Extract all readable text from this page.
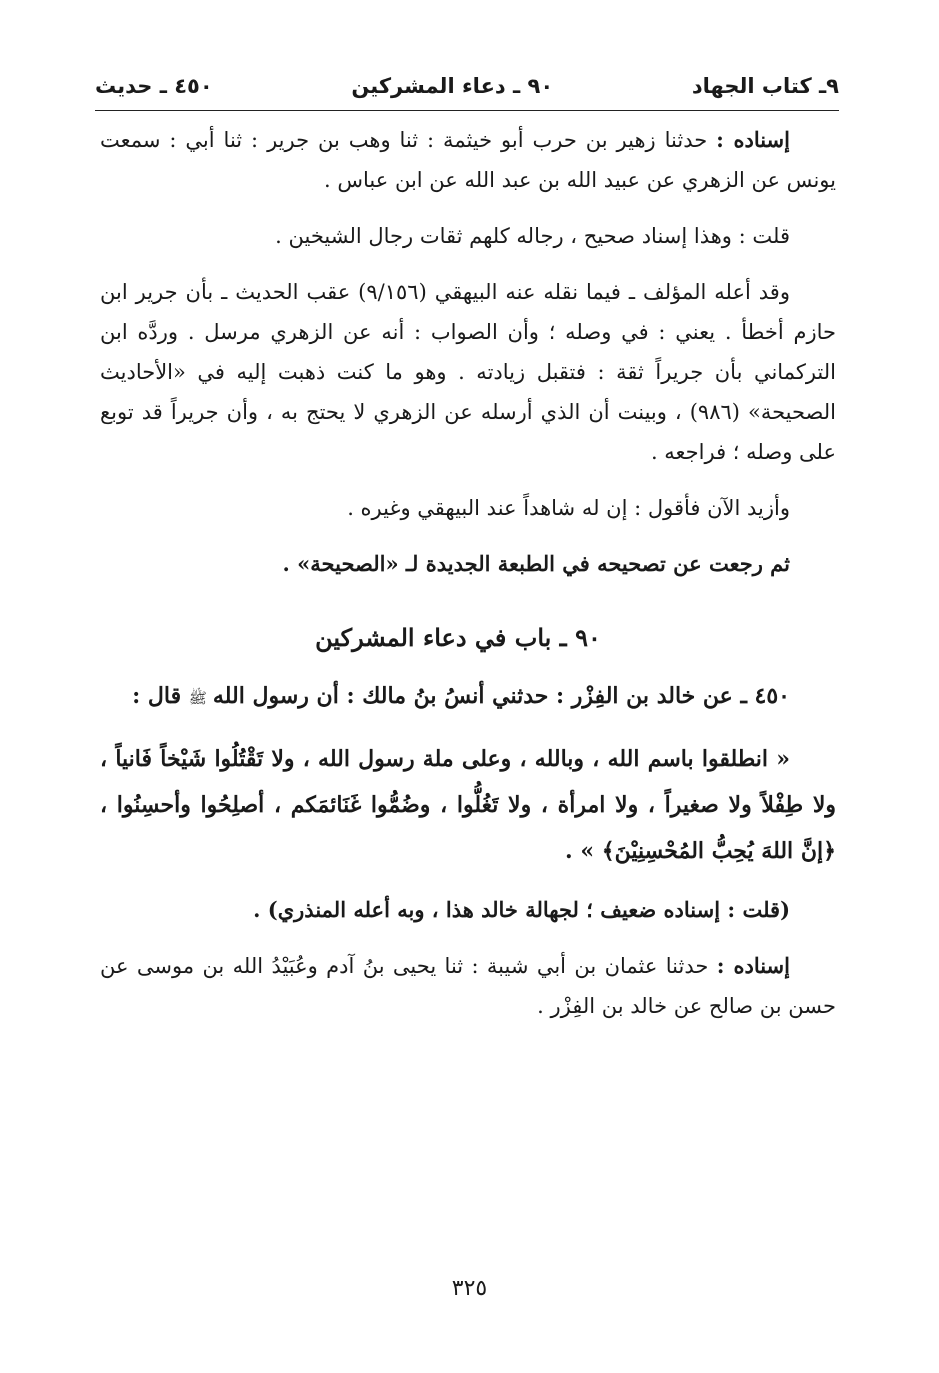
٩ـ كتاب الجهاد
٩٠ ـ دعاء المشركين
٤٥٠ ـ حديث

إسناده : حدثنا زهير بن حرب أبو خيثمة : ثنا وهب بن جرير : ثنا أبي : سمعت يونس عن الزهري عن عبيد الله بن عبد الله عن ابن عباس .

قلت : وهذا إسناد صحيح ، رجاله كلهم ثقات رجال الشيخين .

وقد أعله المؤلف ـ فيما نقله عنه البيهقي (٩/١٥٦) عقب الحديث ـ بأن جرير ابن حازم أخطأ . يعني : في وصله ؛ وأن الصواب : أنه عن الزهري مرسل . وردَّه ابن التركماني بأن جريراً ثقة : فتقبل زيادته . وهو ما كنت ذهبت إليه في «الأحاديث الصحيحة» (٩٨٦) ، وبينت أن الذي أرسله عن الزهري لا يحتج به ، وأن جريراً قد توبع على وصله ؛ فراجعه .

وأزيد الآن فأقول : إن له شاهداً عند البيهقي وغيره .

ثم رجعت عن تصحيحه في الطبعة الجديدة لـ «الصحيحة» .

٩٠ ـ باب في دعاء المشركين

٤٥٠ ـ عن خالد بن الفِزْر : حدثني أنسُ بنُ مالك : أن رسول اللهﷺ قال :

« انطلقوا باسم الله ، وبالله ، وعلى ملة رسول الله ، ولا تَقْتُلُوا شَيْخاً فَانياً ، ولا طِفْلاً ولا صغيراً ، ولا امرأة ، ولا تَغُلُّوا ، وضُمُّوا غَنَائمَكم ، أصلِحُوا وأحسِنُوا ، ﴿إنَّ اللهَ يُحِبُّ المُحْسِنِيْنَ﴾ » .

(قلت : إسناده ضعيف ؛ لجهالة خالد هذا ، وبه أعله المنذري) .

إسناده : حدثنا عثمان بن أبي شيبة : ثنا يحيى بنُ آدم وعُبَيْدُ الله بن موسى عن حسن بن صالح عن خالد بن الفِزْر .

٣٢٥
